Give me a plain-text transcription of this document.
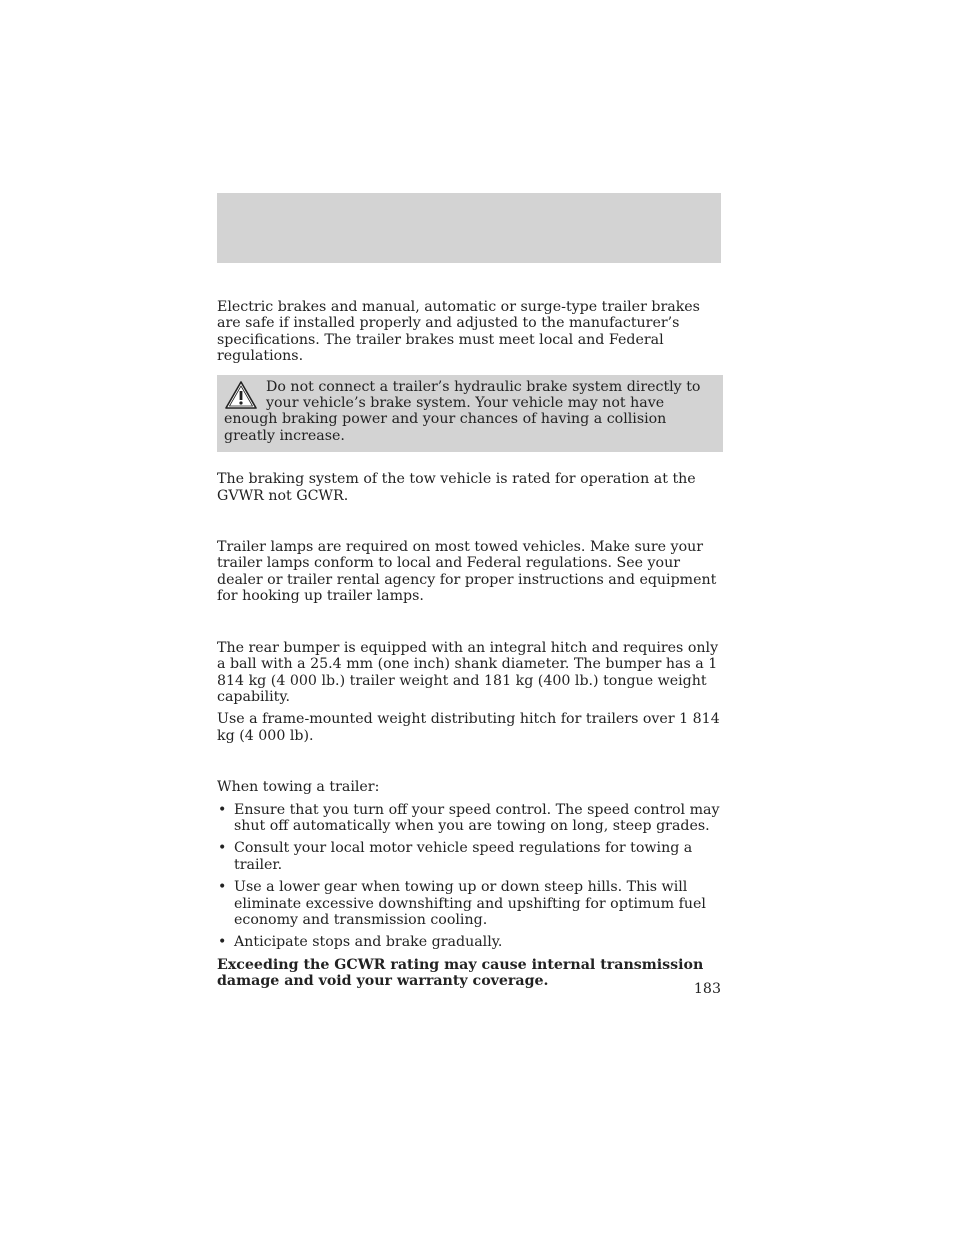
Electric brakes and manual, automatic or surge-type trailer brakes are safe if installed properly and adjusted to the manufacturer’s specifications. The trailer brakes must meet local and Federal regulations.

Do not connect a trailer’s hydraulic brake system directly to your vehicle’s brake system. Your vehicle may not have enough braking power and your chances of having a collision greatly increase.

The braking system of the tow vehicle is rated for operation at the GVWR not GCWR.

Trailer lamps are required on most towed vehicles. Make sure your trailer lamps conform to local and Federal regulations. See your dealer or trailer rental agency for proper instructions and equipment for hooking up trailer lamps.

The rear bumper is equipped with an integral hitch and requires only a ball with a 25.4 mm (one inch) shank diameter. The bumper has a 1 814 kg (4 000 lb.) trailer weight and 181 kg (400 lb.) tongue weight capability.

Use a frame-mounted weight distributing hitch for trailers over 1 814 kg (4 000 lb).

When towing a trailer:

• Ensure that you turn off your speed control. The speed control may shut off automatically when you are towing on long, steep grades.
• Consult your local motor vehicle speed regulations for towing a trailer.
• Use a lower gear when towing up or down steep hills. This will eliminate excessive downshifting and upshifting for optimum fuel economy and transmission cooling.
• Anticipate stops and brake gradually.

Exceeding the GCWR rating may cause internal transmission damage and void your warranty coverage.	183
